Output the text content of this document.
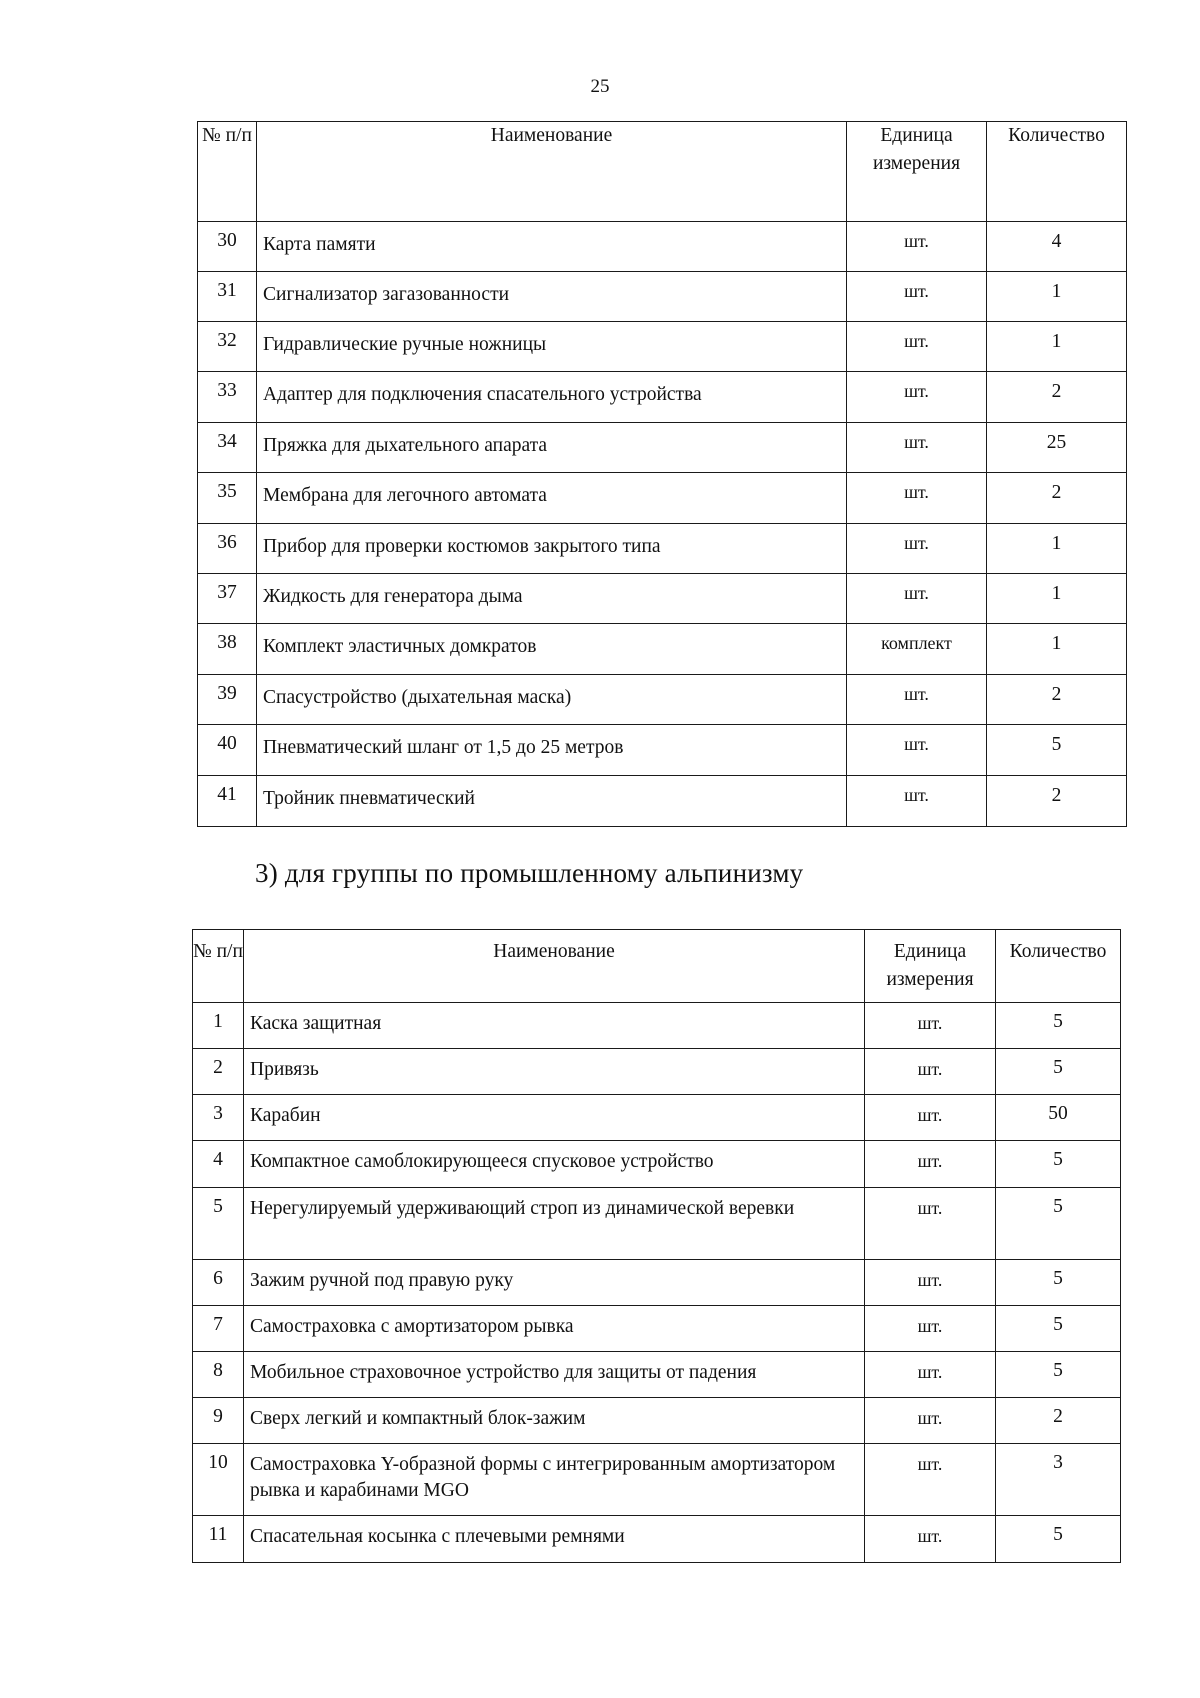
25
№ п/п	Наименование	Единица измерения	Количество
30	Карта памяти	шт.	4
31	Сигнализатор загазованности	шт.	1
32	Гидравлические ручные ножницы	шт.	1
33	Адаптер для подключения спасательного устройства	шт.	2
34	Пряжка для дыхательного апарата	шт.	25
35	Мембрана для легочного автомата	шт.	2
36	Прибор для проверки костюмов закрытого типа	шт.	1
37	Жидкость для генератора дыма	шт.	1
38	Комплект эластичных домкратов	комплект	1
39	Спасустройство (дыхательная маска)	шт.	2
40	Пневматический шланг от 1,5 до 25 метров	шт.	5
41	Тройник пневматический	шт.	2
3) для группы по промышленному альпинизму
№ п/п	Наименование	Единица измерения	Количество
1	Каска защитная	шт.	5
2	Привязь	шт.	5
3	Карабин	шт.	50
4	Компактное самоблокирующееся спусковое устройство	шт.	5
5	Нерегулируемый удерживающий строп из динамической веревки	шт.	5
6	Зажим ручной под правую руку	шт.	5
7	Самостраховка с амортизатором рывка	шт.	5
8	Мобильное страховочное устройство для защиты от падения	шт.	5
9	Сверх легкий и компактный блок-зажим	шт.	2
10	Самостраховка Y-образной формы с интегрированным амортизатором рывка и карабинами MGO	шт.	3
11	Спасательная косынка с плечевыми ремнями	шт.	5
